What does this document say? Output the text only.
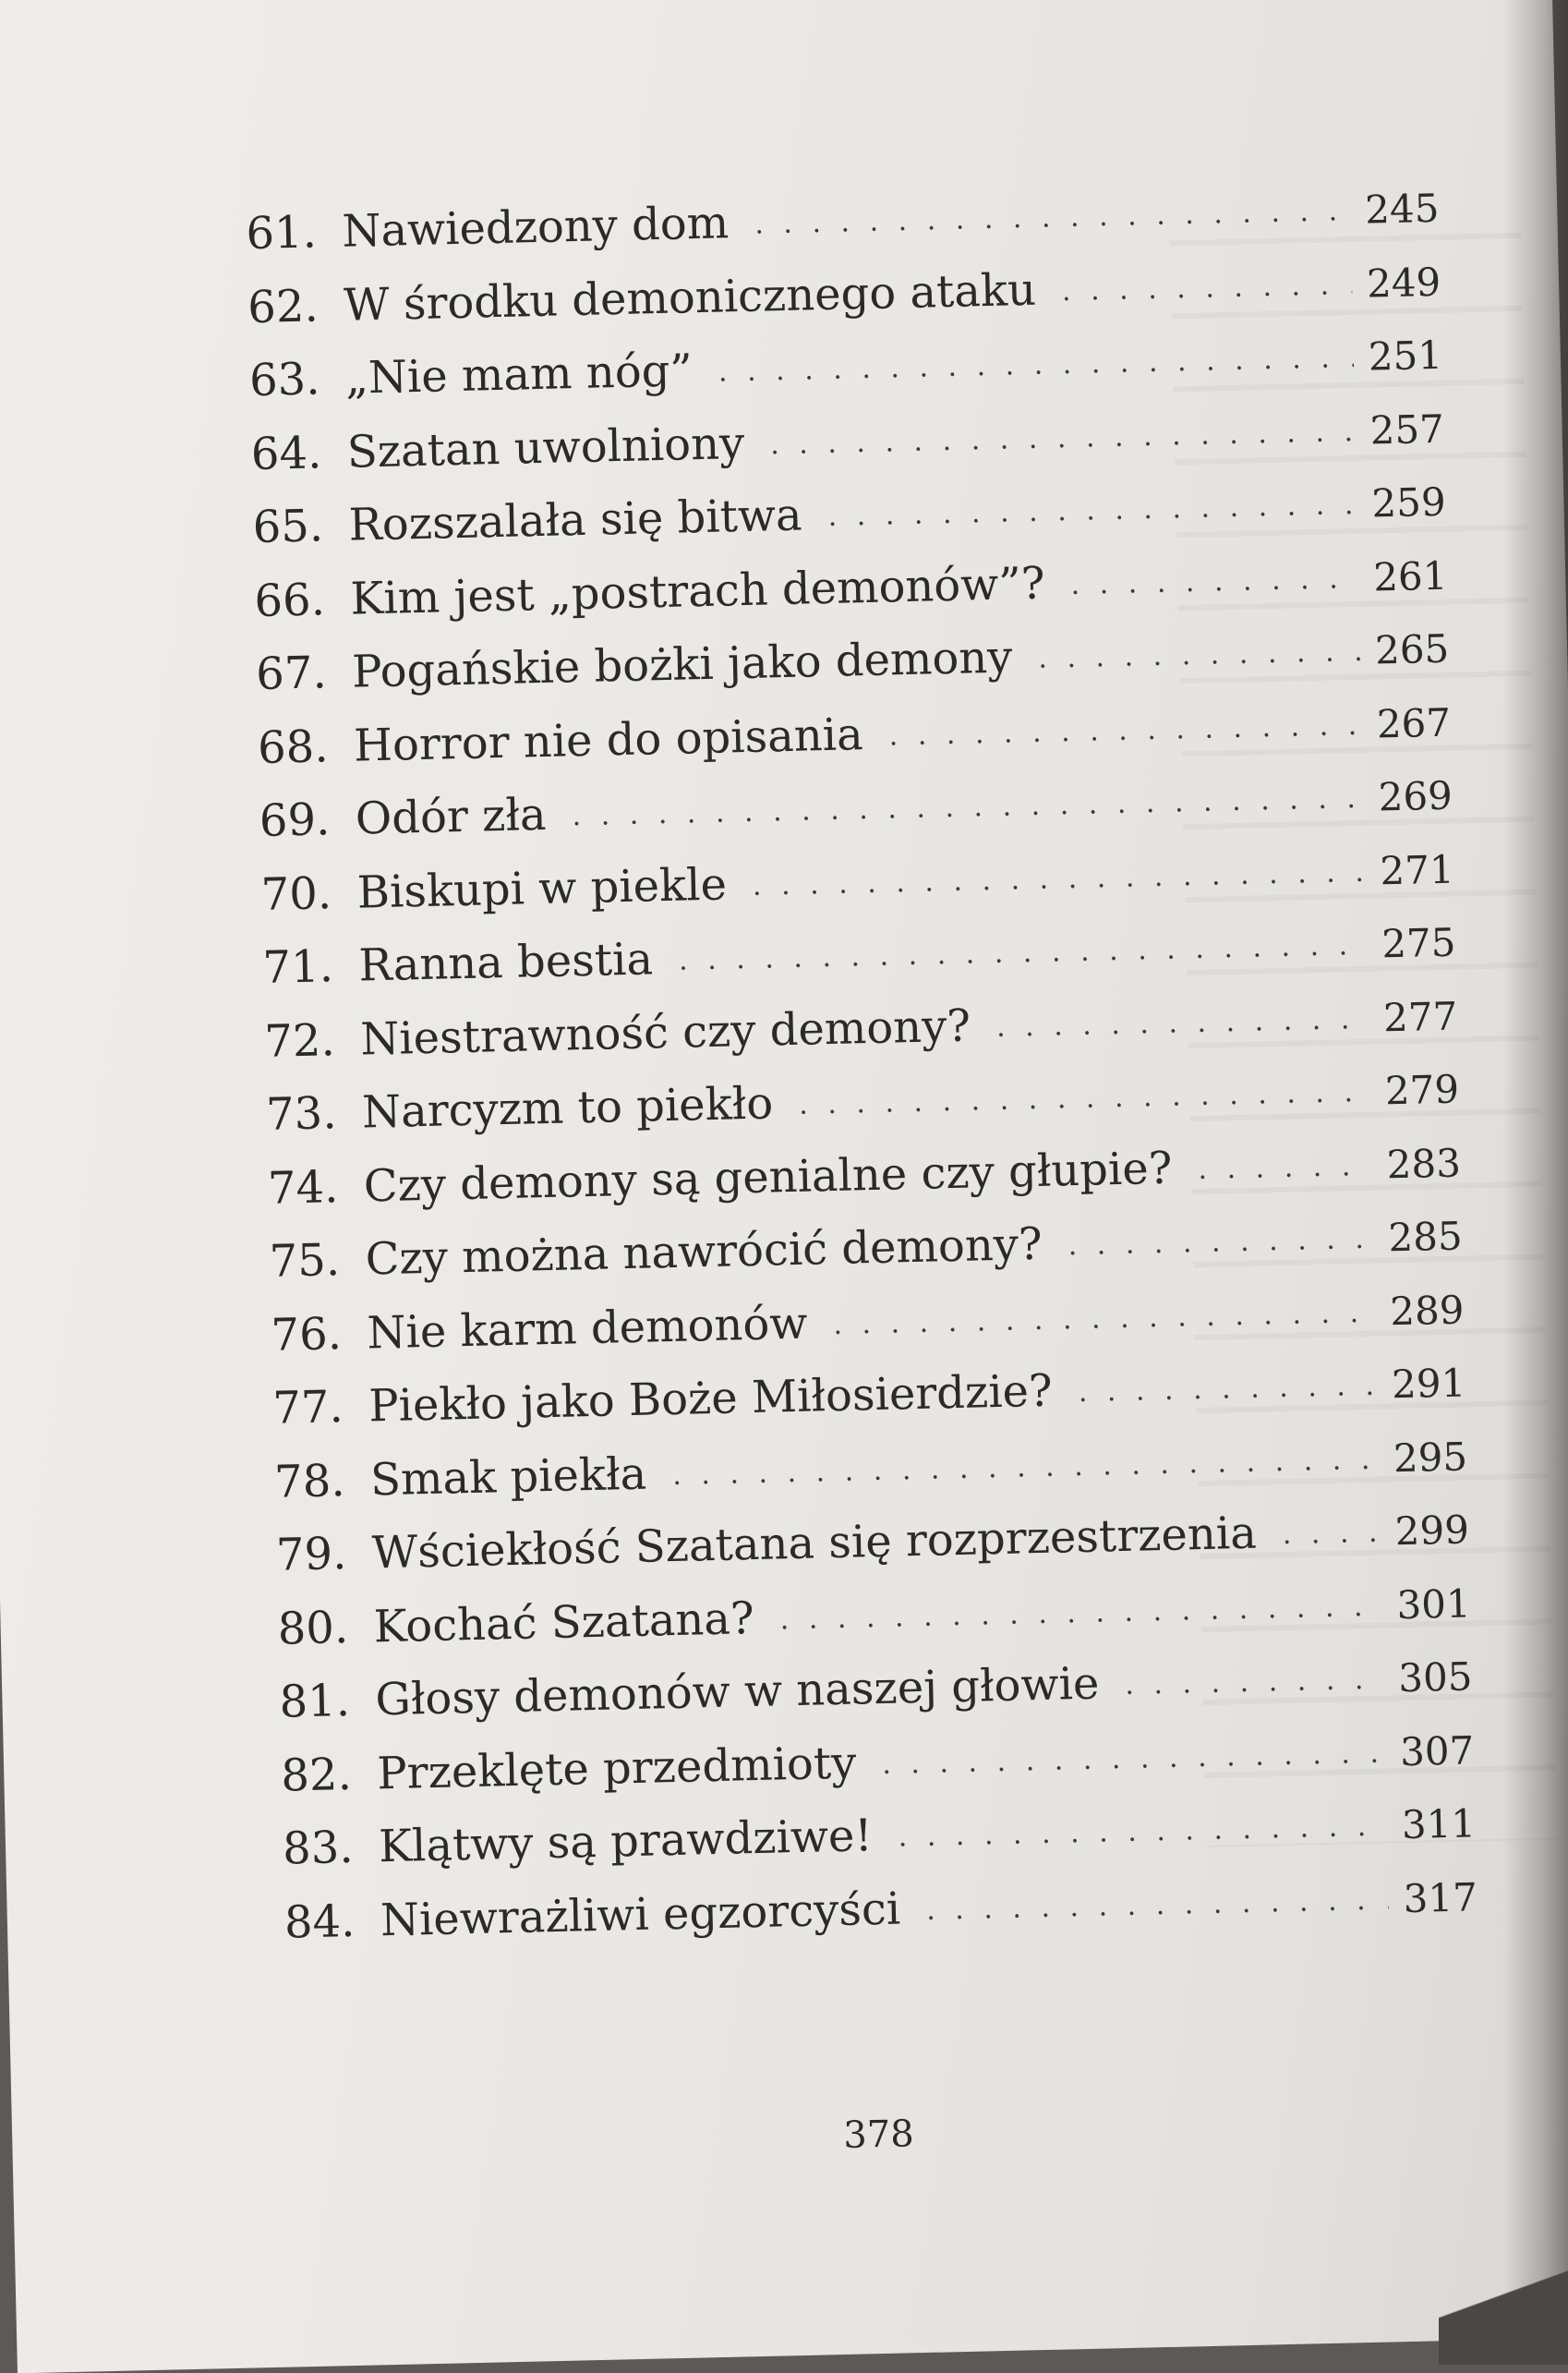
61. Nawiedzony dom . . .	245
62. W środku demonicznego ataku . . .	249
63. „Nie mam nóg” . . .	251
64. Szatan uwolniony . . .	257
65. Rozszalała się bitwa . . .	259
66. Kim jest „postrach demonów”? . . .	261
67. Pogańskie bożki jako demony . . .	265
68. Horror nie do opisania . . .	267
69. Odór zła . . .	269
70. Biskupi w piekle . . .	271
71. Ranna bestia . . .	275
72. Niestrawność czy demony? . . .	277
73. Narcyzm to piekło . . .	279
74. Czy demony są genialne czy głupie? . . .	283
75. Czy można nawrócić demony? . . .	285
76. Nie karm demonów . . .	289
77. Piekło jako Boże Miłosierdzie? . . .	291
78. Smak piekła . . .	295
79. Wściekłość Szatana się rozprzestrzenia . . .	299
80. Kochać Szatana? . . .	301
81. Głosy demonów w naszej głowie . . .	305
82. Przeklęte przedmioty . . .	307
83. Klątwy są prawdziwe! . . .	311
84. Niewrażliwi egzorcyści . . .	317
378
